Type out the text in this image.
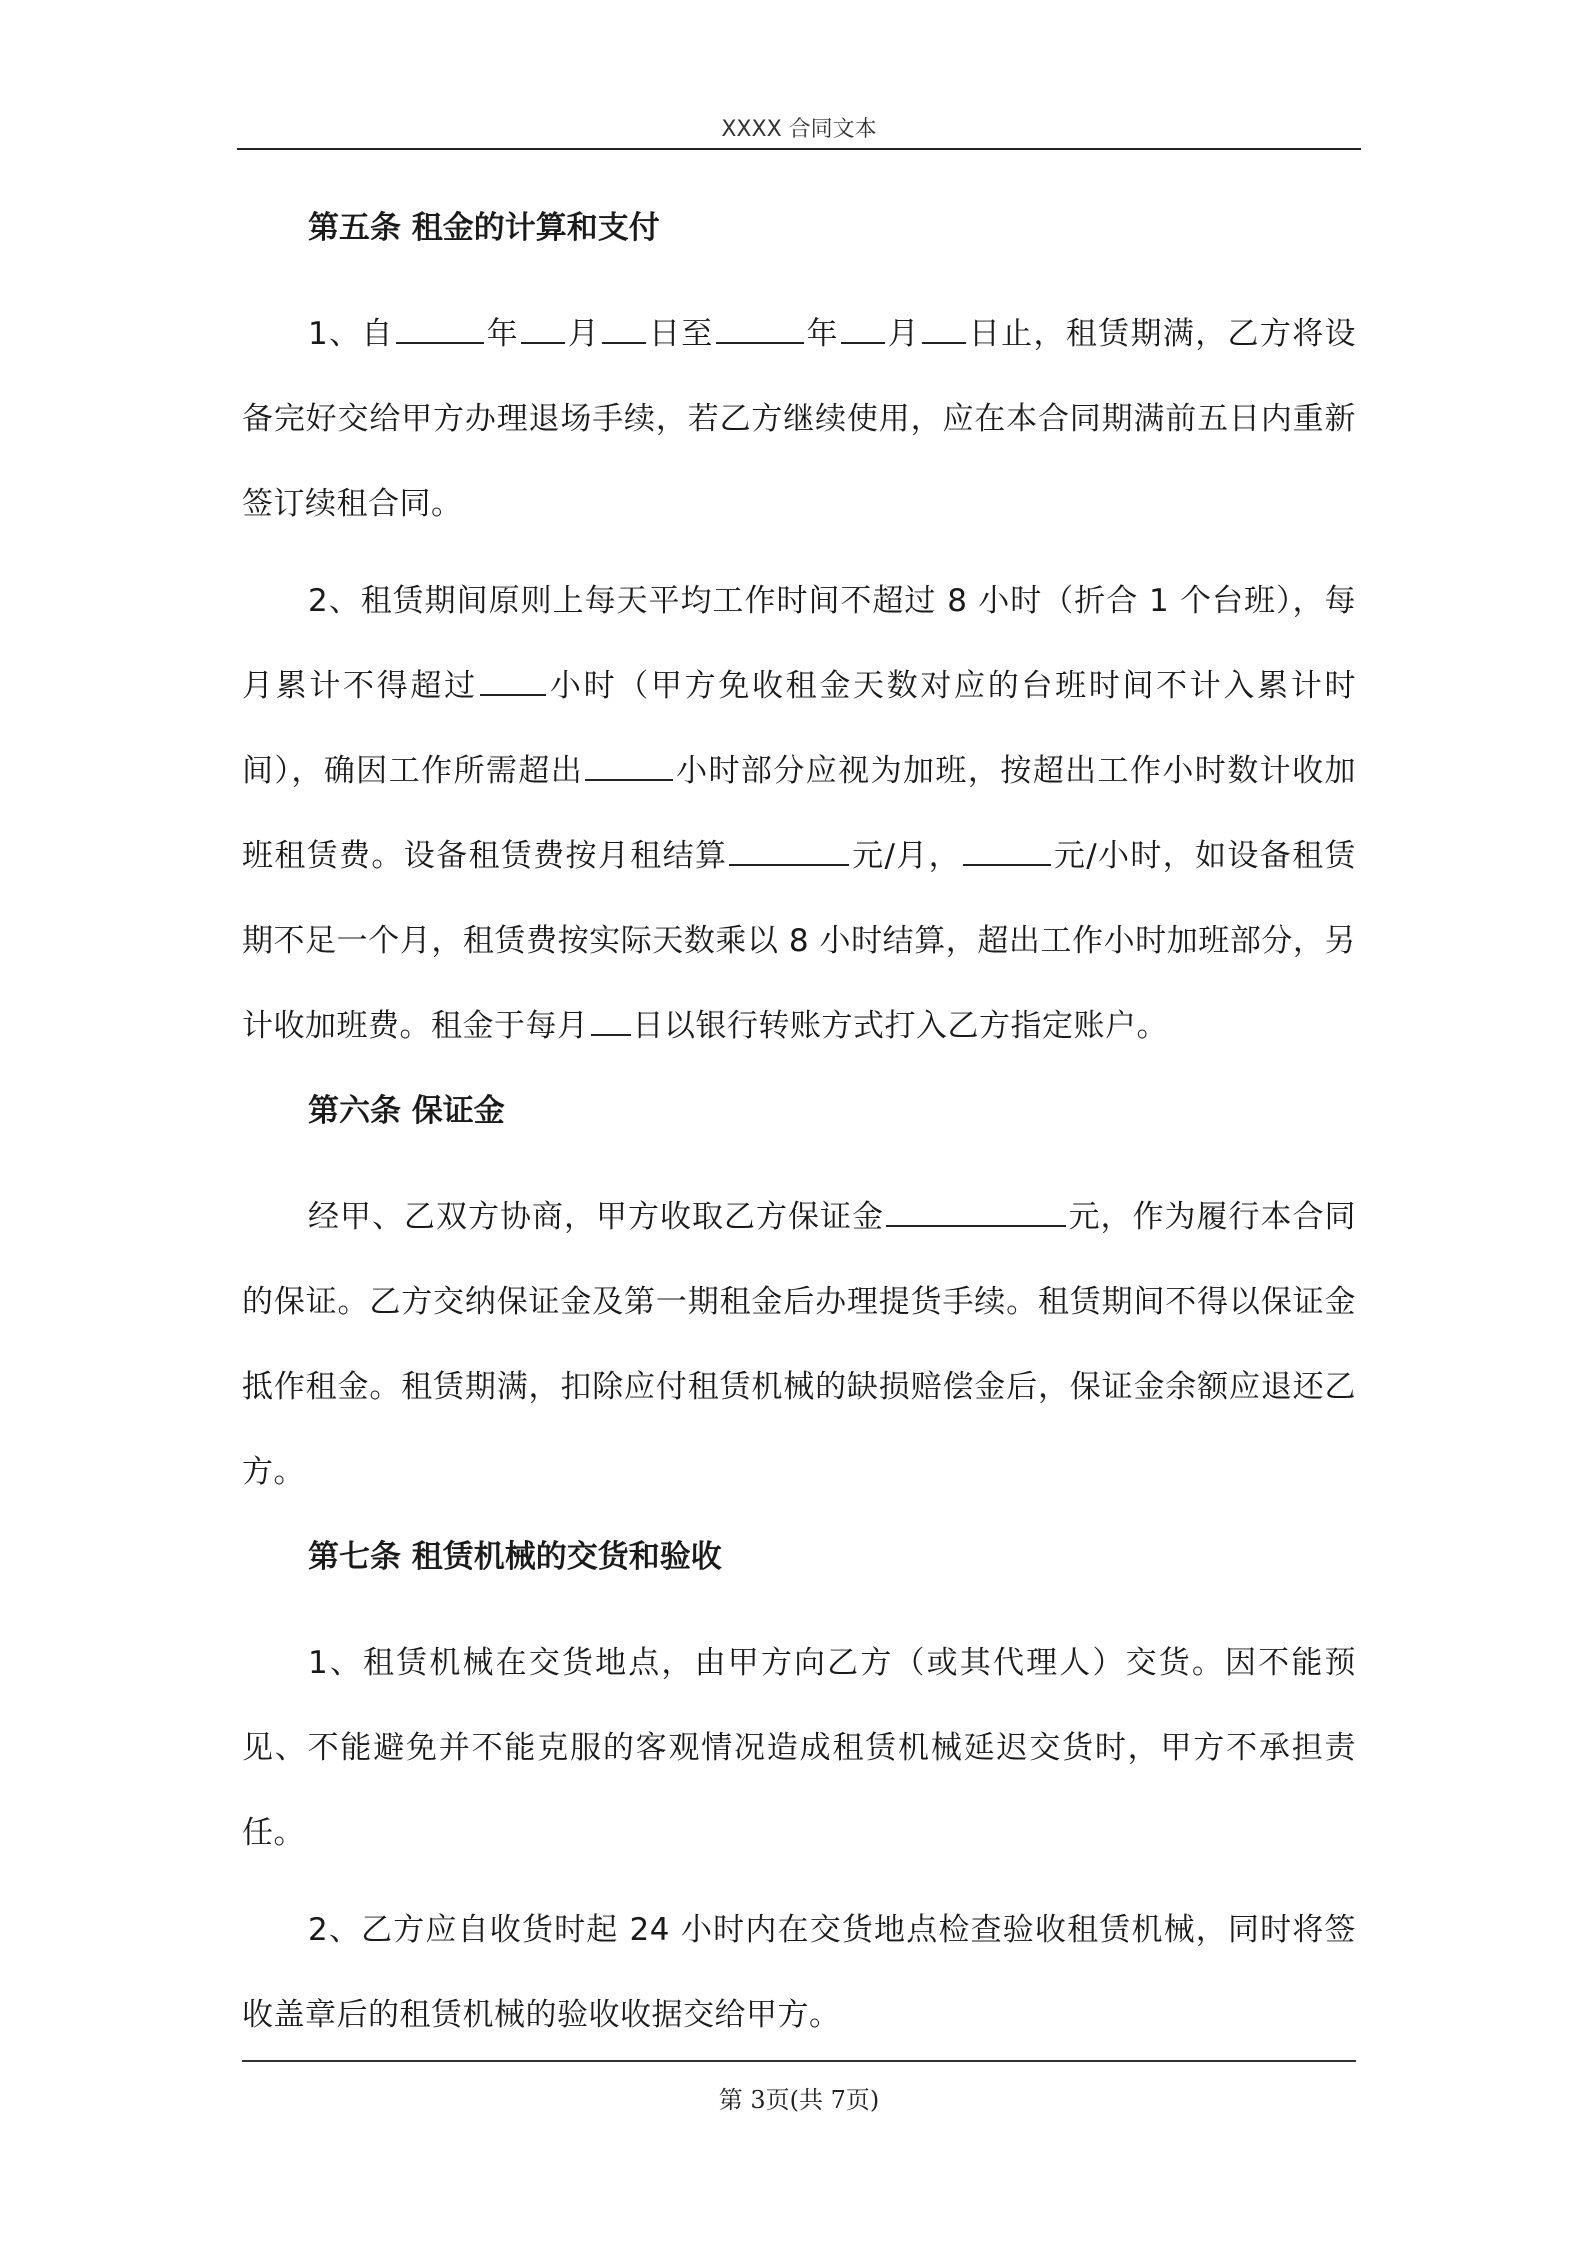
XXXX 合同文本
第五条 租金的计算和支付

1、自	年 月 日至	年 月 日止，租赁期满，乙方将设备完好交给甲方办理退场手续，若乙方继续使用，应在本合同期满前五日内重新签订续租合同。

2、租赁期间原则上每天平均工作时间不超过 8 小时（折合 1 个台班），每月累计不得超过 小时（甲方免收租金天数对应的台班时间不计入累计时间），确因工作所需超出	小时部分应视为加班，按超出工作小时数计收加班租赁费。设备租赁费按月租结算	元/月，	元/小时，如设备租赁期不足一个月，租赁费按实际天数乘以 8 小时结算，超出工作小时加班部分，另计收加班费。租金于每月 日以银行转账方式打入乙方指定账户。

第六条 保证金

经甲、乙双方协商，甲方收取乙方保证金	元，作为履行本合同的保证。乙方交纳保证金及第一期租金后办理提货手续。租赁期间不得以保证金抵作租金。租赁期满，扣除应付租赁机械的缺损赔偿金后，保证金余额应退还乙方。

第七条 租赁机械的交货和验收

1、租赁机械在交货地点，由甲方向乙方（或其代理人）交货。因不能预见、不能避免并不能克服的客观情况造成租赁机械延迟交货时，甲方不承担责任。

2、乙方应自收货时起 24 小时内在交货地点检查验收租赁机械，同时将签收盖章后的租赁机械的验收收据交给甲方。

第 3页(共 7页)
